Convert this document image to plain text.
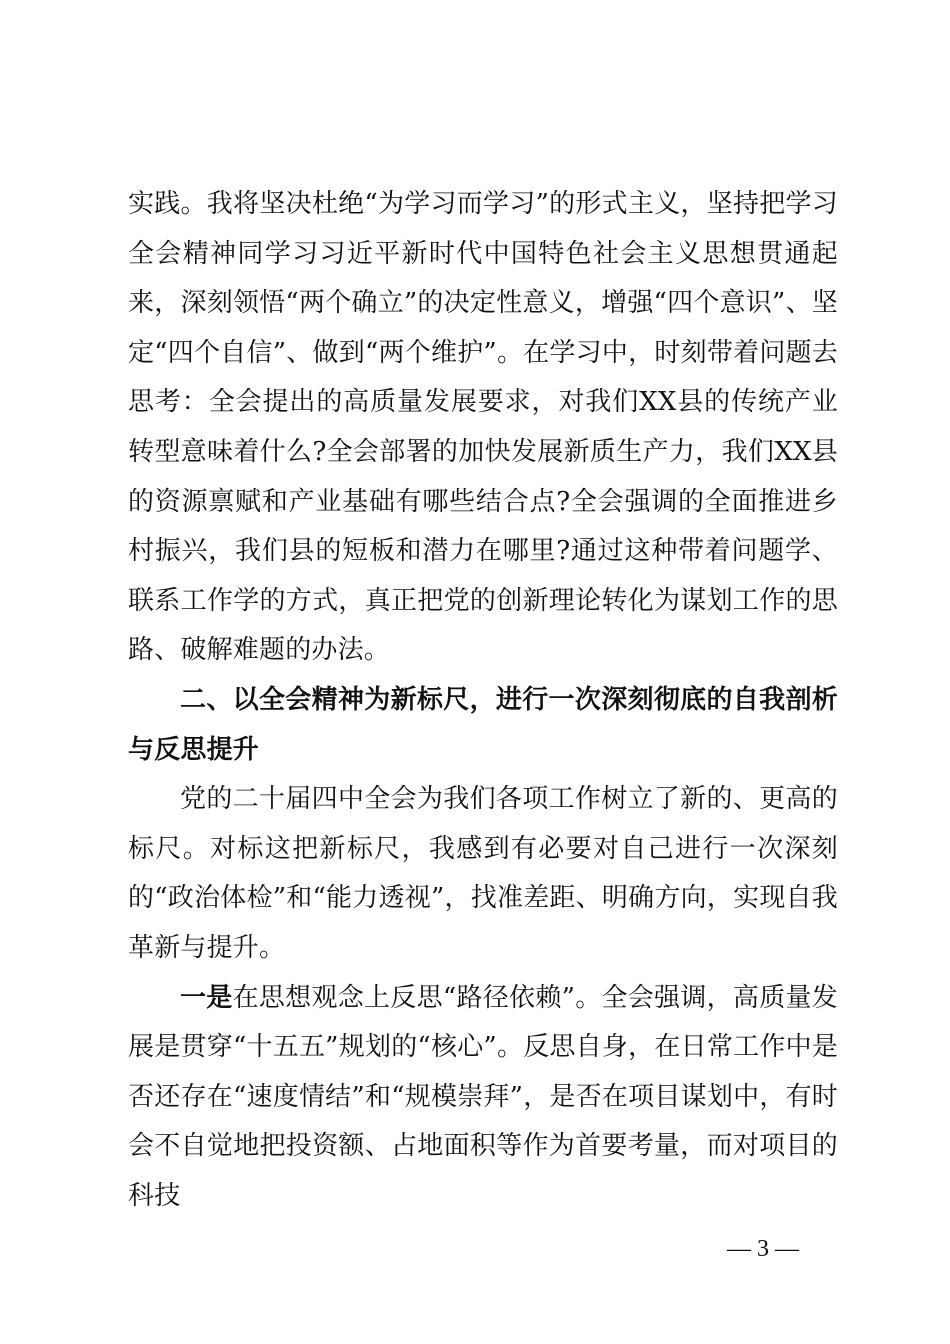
实践。我将坚决杜绝“为学习而学习”的形式主义，坚持把学习全会精神同学习习近平新时代中国特色社会主义思想贯通起来，深刻领悟“两个确立”的决定性意义，增强“四个意识”、坚定“四个自信”、做到“两个维护”。在学习中，时刻带着问题去思考：全会提出的高质量发展要求，对我们XX县的传统产业转型意味着什么?全会部署的加快发展新质生产力，我们XX县的资源禀赋和产业基础有哪些结合点?全会强调的全面推进乡村振兴，我们县的短板和潜力在哪里?通过这种带着问题学、联系工作学的方式，真正把党的创新理论转化为谋划工作的思路、破解难题的办法。

二、以全会精神为新标尺，进行一次深刻彻底的自我剖析与反思提升

党的二十届四中全会为我们各项工作树立了新的、更高的标尺。对标这把新标尺，我感到有必要对自己进行一次深刻的“政治体检”和“能力透视”，找准差距、明确方向，实现自我革新与提升。

一是在思想观念上反思“路径依赖”。全会强调，高质量发展是贯穿“十五五”规划的“核心”。反思自身，在日常工作中是否还存在“速度情结”和“规模崇拜”，是否在项目谋划中，有时会不自觉地把投资额、占地面积等作为首要考量，而对项目的科技

— 3 —
